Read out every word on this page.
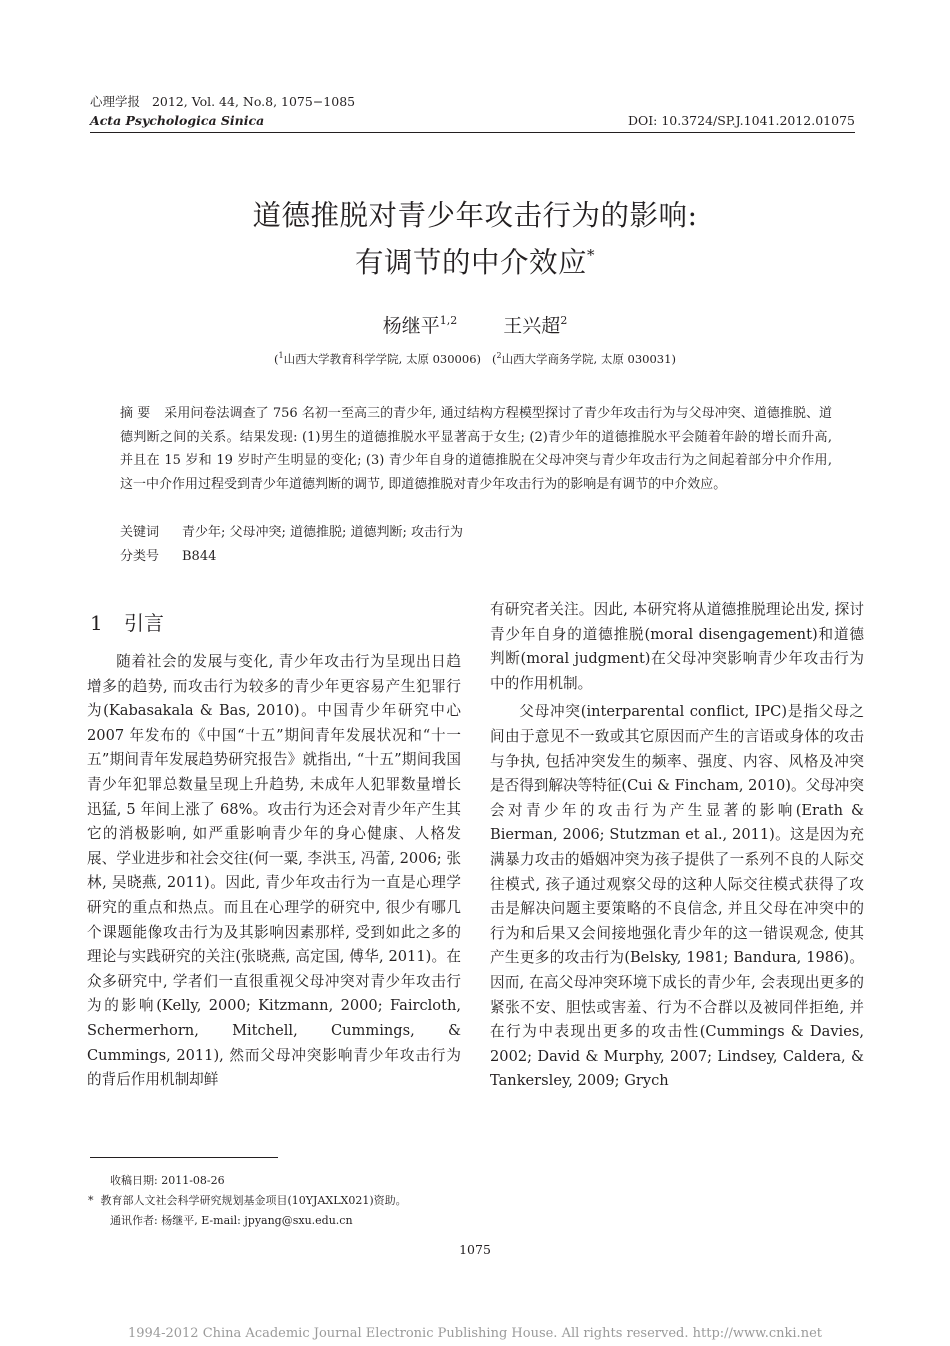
心理学报 2012, Vol. 44, No.8, 1075−1085
Acta Psychologica Sinica	DOI: 10.3724/SP.J.1041.2012.01075
道德推脱对青少年攻击行为的影响:
有调节的中介效应*
杨继平$^{1,2}$ 王兴超$^2$
($^1$山西大学教育科学学院, 太原 030006)   ($^2$山西大学商务学院, 太原 030031)
摘 要 采用问卷法调查了 756 名初一至高三的青少年, 通过结构方程模型探讨了青少年攻击行为与父母冲突、道德推脱、道德判断之间的关系。结果发现: (1)男生的道德推脱水平显著高于女生; (2)青少年的道德推脱水平会随着年龄的增长而升高, 并且在 15 岁和 19 岁时产生明显的变化; (3) 青少年自身的道德推脱在父母冲突与青少年攻击行为之间起着部分中介作用, 这一中介作用过程受到青少年道德判断的调节, 即道德推脱对青少年攻击行为的影响是有调节的中介效应。
关键词 青少年; 父母冲突; 道德推脱; 道德判断; 攻击行为
分类号 B844
1 引言

随着社会的发展与变化, 青少年攻击行为呈现出日趋增多的趋势, 而攻击行为较多的青少年更容易产生犯罪行为(Kabasakala & Bas, 2010)。中国青少年研究中心 2007 年发布的《中国“十五”期间青年发展状况和“十一五”期间青年发展趋势研究报告》就指出, “十五”期间我国青少年犯罪总数量呈现上升趋势, 未成年人犯罪数量增长迅猛, 5 年间上涨了 68%。攻击行为还会对青少年产生其它的消极影响, 如严重影响青少年的身心健康、人格发展、学业进步和社会交往(何一粟, 李洪玉, 冯蕾, 2006; 张林, 吴晓燕, 2011)。因此, 青少年攻击行为一直是心理学研究的重点和热点。而且在心理学的研究中, 很少有哪几个课题能像攻击行为及其影响因素那样, 受到如此之多的理论与实践研究的关注(张晓燕, 高定国, 傅华, 2011)。在众多研究中, 学者们一直很重视父母冲突对青少年攻击行为的影响(Kelly, 2000; Kitzmann, 2000; Faircloth, Schermerhorn, Mitchell, Cummings, & Cummings, 2011), 然而父母冲突影响青少年攻击行为的背后作用机制却鲜

有研究者关注。因此, 本研究将从道德推脱理论出发, 探讨青少年自身的道德推脱(moral disengagement)和道德判断(moral judgment)在父母冲突影响青少年攻击行为中的作用机制。

父母冲突(interparental conflict, IPC)是指父母之间由于意见不一致或其它原因而产生的言语或身体的攻击与争执, 包括冲突发生的频率、强度、内容、风格及冲突是否得到解决等特征(Cui & Fincham, 2010)。父母冲突会对青少年的攻击行为产生显著的影响(Erath & Bierman, 2006; Stutzman et al., 2011)。这是因为充满暴力攻击的婚姻冲突为孩子提供了一系列不良的人际交往模式, 孩子通过观察父母的这种人际交往模式获得了攻击是解决问题主要策略的不良信念, 并且父母在冲突中的行为和后果又会间接地强化青少年的这一错误观念, 使其产生更多的攻击行为(Belsky, 1981; Bandura, 1986)。因而, 在高父母冲突环境下成长的青少年, 会表现出更多的紧张不安、胆怯或害羞、行为不合群以及被同伴拒绝, 并在行为中表现出更多的攻击性(Cummings & Davies, 2002; David & Murphy, 2007; Lindsey, Caldera, & Tankersley, 2009; Grych

收稿日期: 2011-08-26
* 教育部人文社会科学研究规划基金项目(10YJAXLX021)资助。
通讯作者: 杨继平, E-mail: jpyang@sxu.edu.cn
1075
1994-2012 China Academic Journal Electronic Publishing House. All rights reserved. http://www.cnki.net
